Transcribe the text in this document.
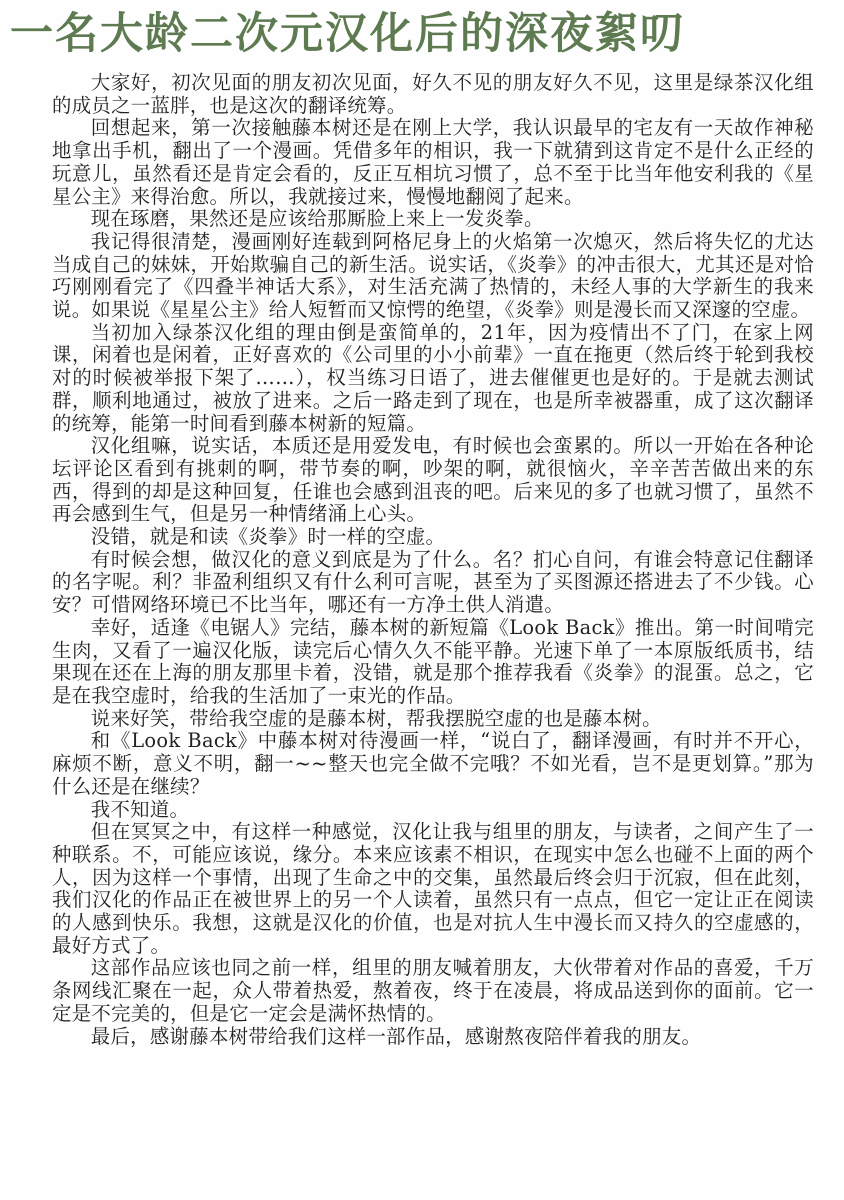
一名大龄二次元汉化后的深夜絮叨

大家好，初次见面的朋友初次见面，好久不见的朋友好久不见，这里是绿茶汉化组的成员之一蓝胖，也是这次的翻译统筹。

回想起来，第一次接触藤本树还是在刚上大学，我认识最早的宅友有一天故作神秘地拿出手机，翻出了一个漫画。凭借多年的相识，我一下就猜到这肯定不是什么正经的玩意儿，虽然看还是肯定会看的，反正互相坑习惯了，总不至于比当年他安利我的《星星公主》来得治愈。所以，我就接过来，慢慢地翻阅了起来。

现在琢磨，果然还是应该给那厮脸上来上一发炎拳。

我记得很清楚，漫画刚好连载到阿格尼身上的火焰第一次熄灭，然后将失忆的尤达当成自己的妹妹，开始欺骗自己的新生活。说实话，《炎拳》的冲击很大，尤其还是对恰巧刚刚看完了《四叠半神话大系》，对生活充满了热情的，未经人事的大学新生的我来说。如果说《星星公主》给人短暂而又惊愕的绝望，《炎拳》则是漫长而又深邃的空虚。

当初加入绿茶汉化组的理由倒是蛮简单的，21年，因为疫情出不了门，在家上网课，闲着也是闲着，正好喜欢的《公司里的小小前辈》一直在拖更（然后终于轮到我校对的时候被举报下架了……），权当练习日语了，进去催催更也是好的。于是就去测试群，顺利地通过，被放了进来。之后一路走到了现在，也是所幸被器重，成了这次翻译的统筹，能第一时间看到藤本树新的短篇。

汉化组嘛，说实话，本质还是用爱发电，有时候也会蛮累的。所以一开始在各种论坛评论区看到有挑刺的啊，带节奏的啊，吵架的啊，就很恼火，辛辛苦苦做出来的东西，得到的却是这种回复，任谁也会感到沮丧的吧。后来见的多了也就习惯了，虽然不再会感到生气，但是另一种情绪涌上心头。

没错，就是和读《炎拳》时一样的空虚。

有时候会想，做汉化的意义到底是为了什么。名？扪心自问，有谁会特意记住翻译的名字呢。利？非盈利组织又有什么利可言呢，甚至为了买图源还搭进去了不少钱。心安？可惜网络环境已不比当年，哪还有一方净土供人消遣。

幸好，适逢《电锯人》完结，藤本树的新短篇《Look Back》推出。第一时间啃完生肉，又看了一遍汉化版，读完后心情久久不能平静。光速下单了一本原版纸质书，结果现在还在上海的朋友那里卡着，没错，就是那个推荐我看《炎拳》的混蛋。总之，它是在我空虚时，给我的生活加了一束光的作品。

说来好笑，带给我空虚的是藤本树，帮我摆脱空虚的也是藤本树。

和《Look Back》中藤本树对待漫画一样，“说白了，翻译漫画，有时并不开心，麻烦不断，意义不明，翻一~~整天也完全做不完哦？不如光看，岂不是更划算。”那为什么还是在继续？

我不知道。

但在冥冥之中，有这样一种感觉，汉化让我与组里的朋友，与读者，之间产生了一种联系。不，可能应该说，缘分。本来应该素不相识，在现实中怎么也碰不上面的两个人，因为这样一个事情，出现了生命之中的交集，虽然最后终会归于沉寂，但在此刻，我们汉化的作品正在被世界上的另一个人读着，虽然只有一点点，但它一定让正在阅读的人感到快乐。我想，这就是汉化的价值，也是对抗人生中漫长而又持久的空虚感的，最好方式了。

这部作品应该也同之前一样，组里的朋友喊着朋友，大伙带着对作品的喜爱，千万条网线汇聚在一起，众人带着热爱，熬着夜，终于在凌晨，将成品送到你的面前。它一定是不完美的，但是它一定会是满怀热情的。

最后，感谢藤本树带给我们这样一部作品，感谢熬夜陪伴着我的朋友。
